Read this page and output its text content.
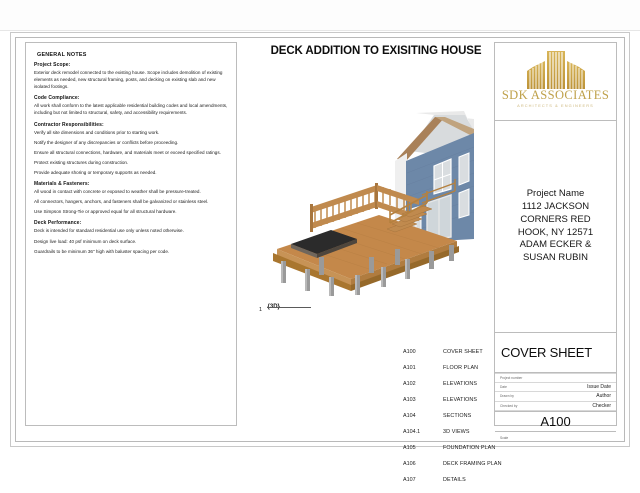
GENERAL NOTES
Project Scope:
Exterior deck remodel connected to the existing house. Scope includes demolition of existing elements as needed, new structural framing, posts, and decking on existing slab and new isolated footings.
Code Compliance:
All work shall conform to the latest applicable residential building codes and local amendments, including but not limited to structural, safety, and accessibility requirements.
Contractor Responsibilities:
Verify all site dimensions and conditions prior to starting work.
Notify the designer of any discrepancies or conflicts before proceeding.
Ensure all structural connections, hardware, and materials meet or exceed specified ratings.
Protect existing structures during construction.
Provide adequate shoring or temporary supports as needed.
Materials & Fasteners:
All wood in contact with concrete or exposed to weather shall be pressure-treated.
All connectors, hangers, anchors, and fasteners shall be galvanized or stainless steel.
Use Simpson Strong-Tie or approved equal for all structural hardware.
Deck Performance:
Deck is intended for standard residential use only unless noted otherwise.
Design live load: 40 psf minimum on deck surface.
Guardrails to be minimum 36" high with baluster spacing per code.
DECK ADDITION TO EXISITING HOUSE
1 {3D}
A100	COVER SHEET
A101	FLOOR PLAN
A102	ELEVATIONS
A103	ELEVATIONS
A104	SECTIONS
A104.1	3D VIEWS
A105	FOUNDATION PLAN
A106	DECK FRAMING PLAN
A107	DETAILS
SDK ASSOCIATES
ARCHITECTS & ENGINEERS
Project Name
1112 JACKSON
CORNERS RED
HOOK, NY 12571
ADAM ECKER &
SUSAN RUBIN
COVER SHEET
Project number
Date	Issue Date
Drawn by	Author
Checked by	Checker
A100
Scale
